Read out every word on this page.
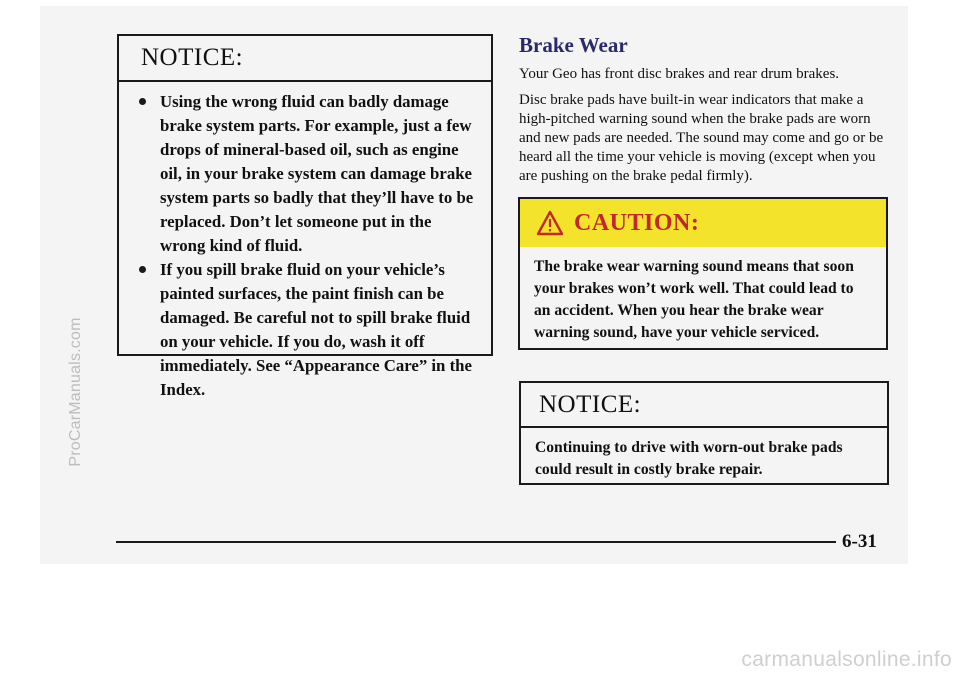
ProCarManuals.com
NOTICE:
Using the wrong fluid can badly damage brake system parts. For example, just a few drops of mineral-based oil, such as engine oil, in your brake system can damage brake system parts so badly that they’ll have to be replaced. Don’t let someone put in the wrong kind of fluid.
If you spill brake fluid on your vehicle’s painted surfaces, the paint finish can be damaged. Be careful not to spill brake fluid on your vehicle. If you do, wash it off immediately. See “Appearance Care” in the Index.
Brake Wear
Your Geo has front disc brakes and rear drum brakes.
Disc brake pads have built-in wear indicators that make a high-pitched warning sound when the brake pads are worn and new pads are needed. The sound may come and go or be heard all the time your vehicle is moving (except when you are pushing on the brake pedal firmly).
CAUTION:
The brake wear warning sound means that soon your brakes won’t work well. That could lead to an accident. When you hear the brake wear warning sound, have your vehicle serviced.
NOTICE:
Continuing to drive with worn-out brake pads could result in costly brake repair.
6-31
carmanualsonline.info
